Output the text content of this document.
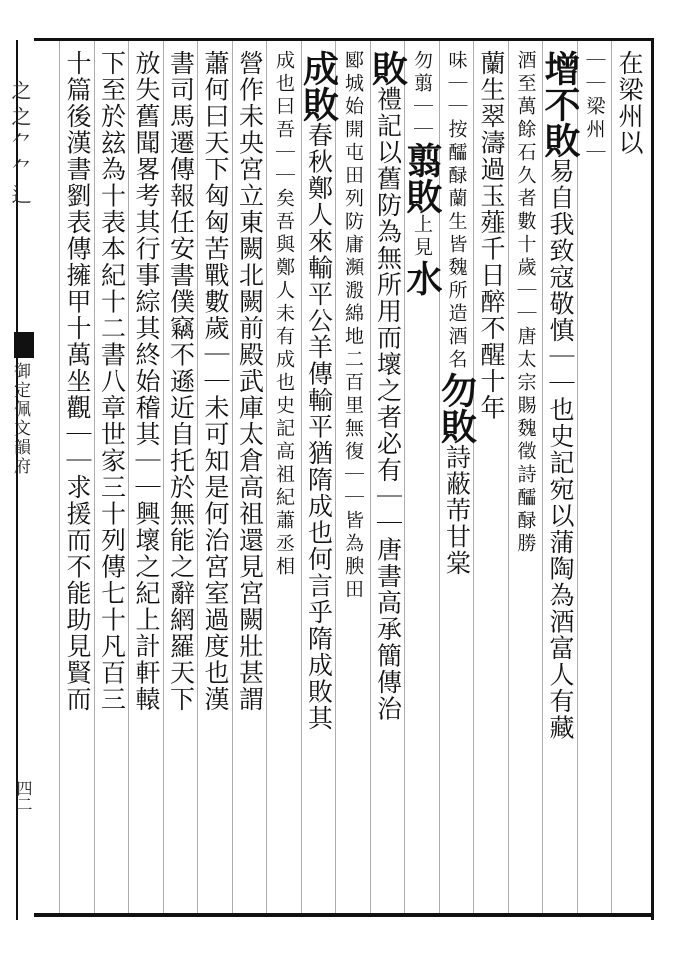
之之⺈⺈⻍
御定佩文韻府
四二
在梁州以
｜｜梁州｜
增不敗易自我致寇敬慎｜｜也史記宛以蒲陶為酒富人有藏
酒至萬餘石久者數十歲｜｜唐太宗賜魏徵詩醽醁勝
蘭生翠濤過玉薤千日醉不醒十年
味｜｜按醽醁蘭生皆魏所造酒名勿敗詩蔽芾甘棠
勿翦｜｜翦敗上見水
敗禮記以舊防為無所用而壞之者必有｜｜唐書高承簡傳治
郾城始開屯田列防庸瀕溵綿地二百里無復｜｜皆為腴田
成敗春秋鄭人來輸平公羊傳輸平猶隋成也何言乎隋成敗其
成也曰吾｜｜矣吾與鄭人未有成也史記高祖紀蕭丞相
營作未央宮立東闕北闕前殿武庫太倉高祖還見宮闕壯甚謂
蕭何曰天下匈匈苦戰數歲｜｜未可知是何治宮室過度也漢
書司馬遷傳報任安書僕竊不遜近自托於無能之辭網羅天下
放失舊聞畧考其行事綜其終始稽其｜｜興壞之紀上計軒轅
下至於玆為十表本紀十二書八章世家三十列傳七十凡百三
十篇後漢書劉表傳擁甲十萬坐觀｜｜求援而不能助見賢而
